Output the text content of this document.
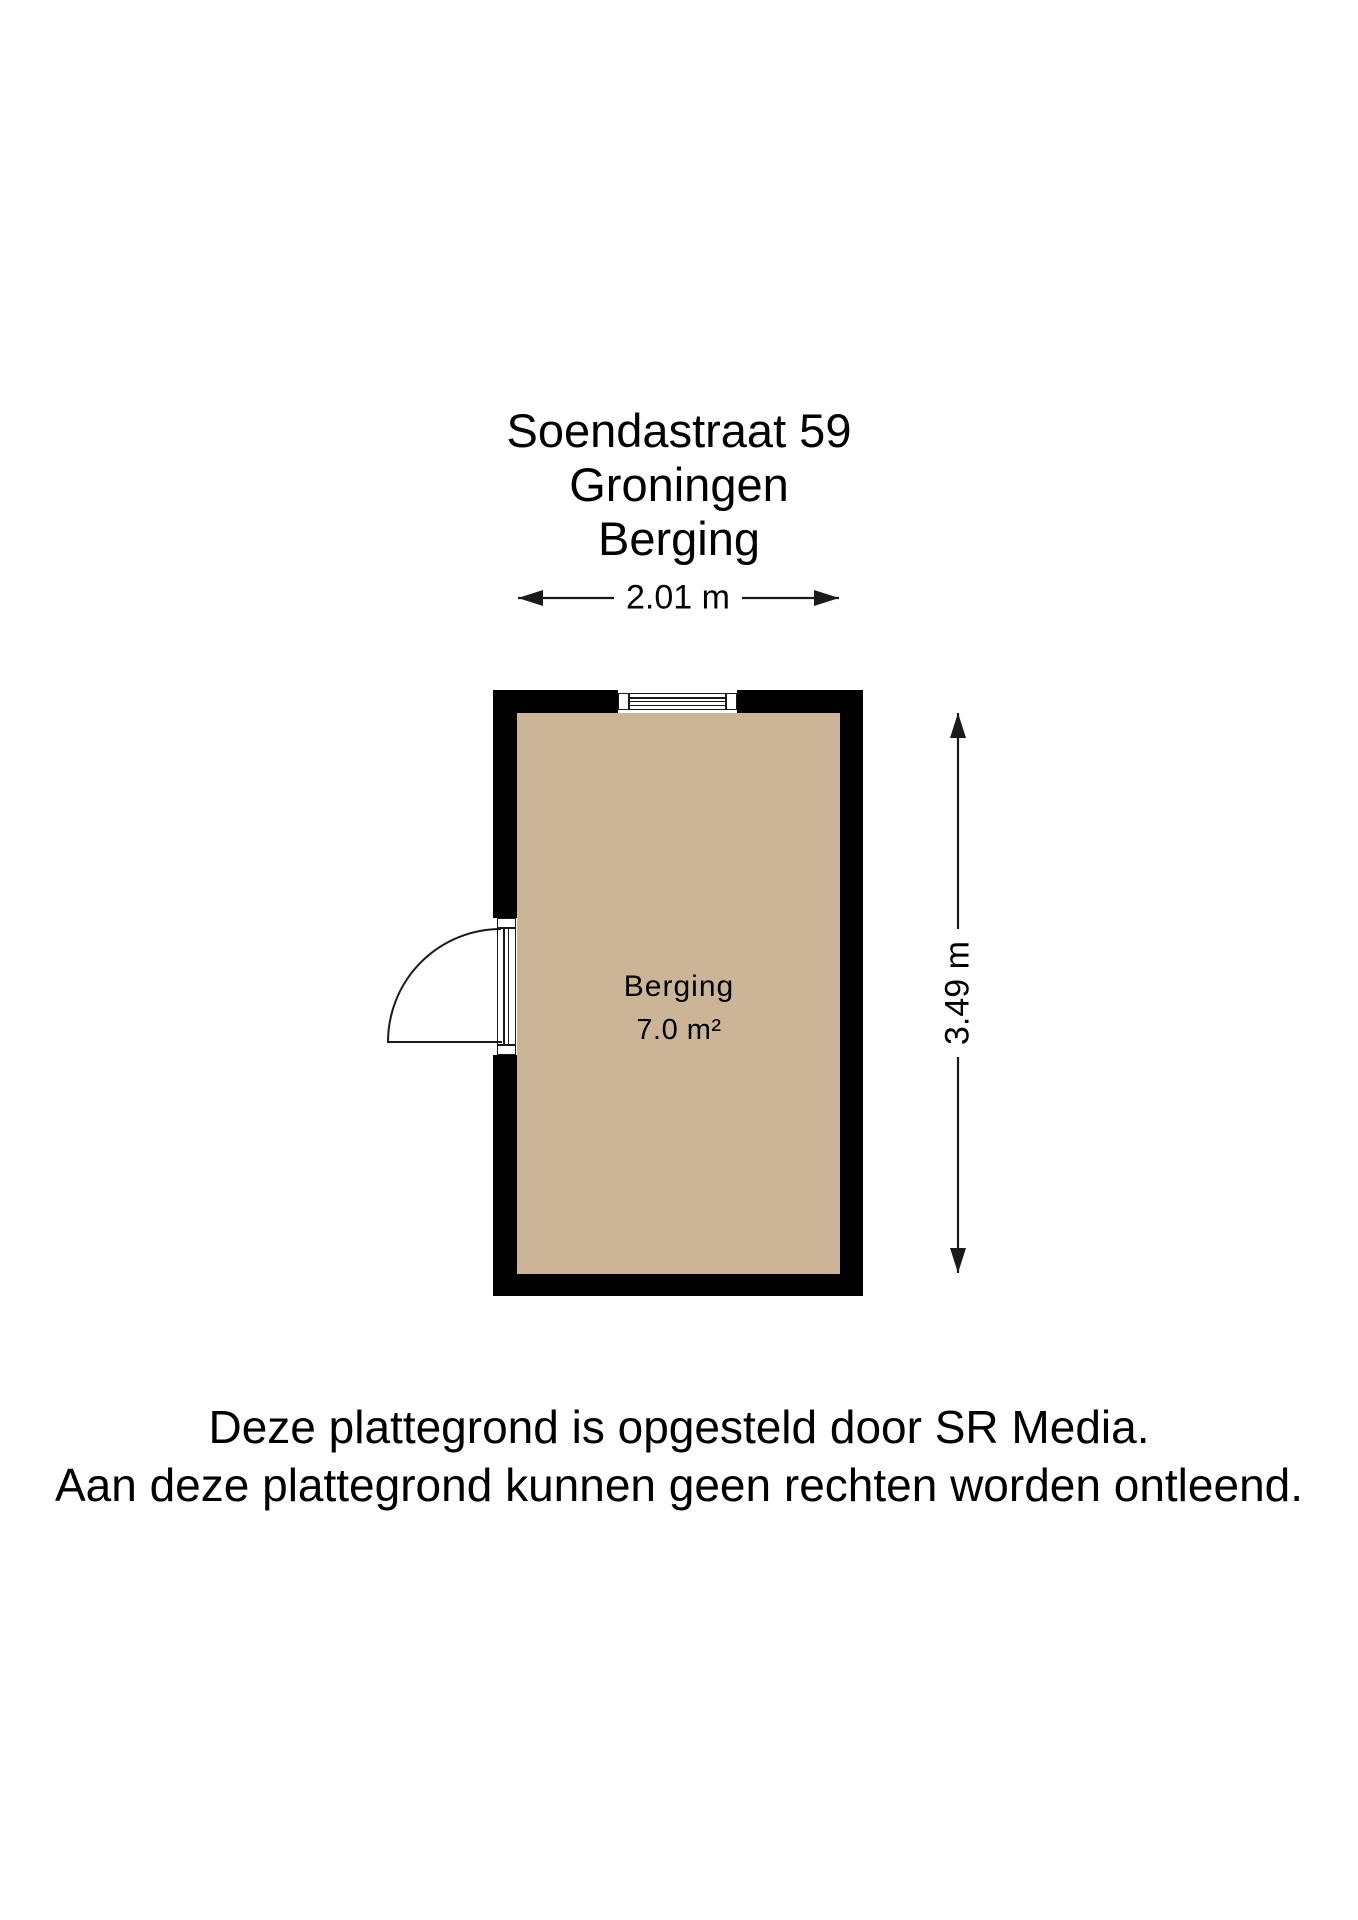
Soendastraat 59
Groningen
Berging
Berging
7.0 m²
2.01 m
3.49 m
Deze plattegrond is opgesteld door SR Media.
Aan deze plattegrond kunnen geen rechten worden ontleend.
